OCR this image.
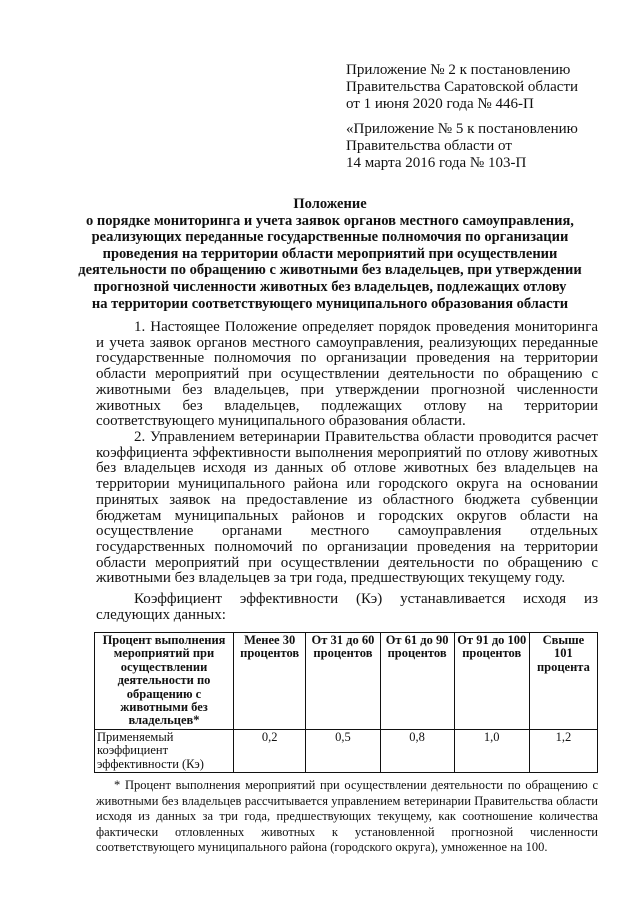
Приложение № 2 к постановлению
Правительства Саратовской области
от 1 июня 2020 года № 446-П
«Приложение № 5 к постановлению
Правительства области от
14 марта 2016 года № 103-П
Положение
о порядке мониторинга и учета заявок органов местного самоуправления,
реализующих переданные государственные полномочия по организации
проведения на территории области мероприятий при осуществлении
деятельности по обращению с животными без владельцев, при утверждении
прогнозной численности животных без владельцев, подлежащих отлову
на территории соответствующего муниципального образования области

1. Настоящее Положение определяет порядок проведения мониторинга и учета заявок органов местного самоуправления, реализующих переданные государственные полномочия по организации проведения на территории области мероприятий при осуществлении деятельности по обращению с животными без владельцев, при утверждении прогнозной численности животных без владельцев, подлежащих отлову на территории соответствующего муниципального образования области.

2. Управлением ветеринарии Правительства области проводится расчет коэффициента эффективности выполнения мероприятий по отлову животных без владельцев исходя из данных об отлове животных без владельцев на территории муниципального района или городского округа на основании принятых заявок на предоставление из областного бюджета субвенции бюджетам муниципальных районов и городских округов области на осуществление органами местного самоуправления отдельных государственных полномочий по организации проведения на территории области мероприятий при осуществлении деятельности по обращению с животными без владельцев за три года, предшествующих текущему году.

Коэффициент эффективности (Кэ) устанавливается исходя из следующих данных:

Процент выполнения мероприятий при осуществлении деятельности по обращению с животными без владельцев*	Менее 30 процентов	От 31 до 60 процентов	От 61 до 90 процентов	От 91 до 100 процентов	Свыше 101 процента
Применяемый коэффициент эффективности (Кэ)	0,2	0,5	0,8	1,0	1,2

* Процент выполнения мероприятий при осуществлении деятельности по обращению с животными без владельцев рассчитывается управлением ветеринарии Правительства области исходя из данных за три года, предшествующих текущему, как соотношение количества фактически отловленных животных к установленной прогнозной численности соответствующего муниципального района (городского округа), умноженное на 100.
